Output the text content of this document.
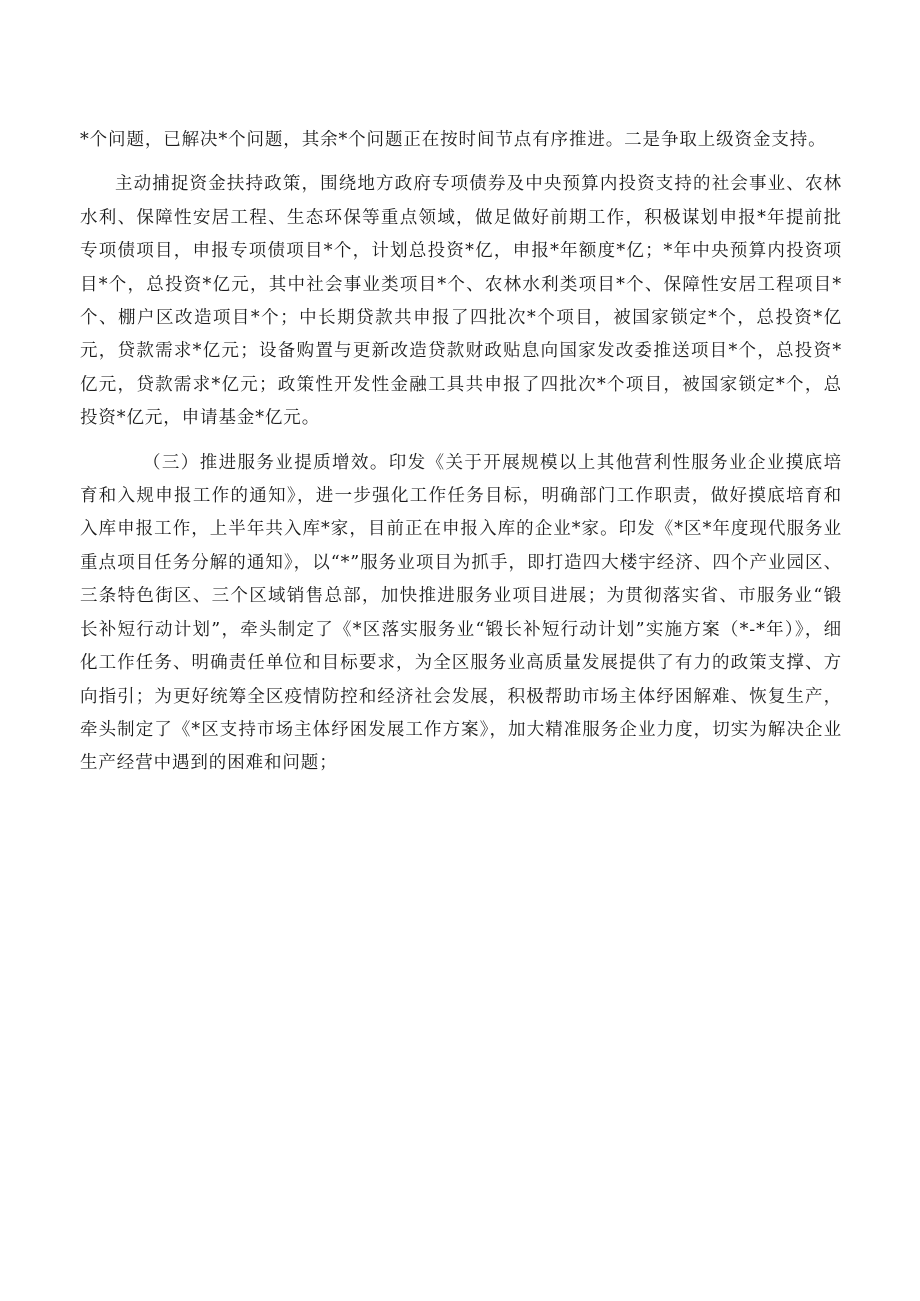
*个问题，已解决*个问题，其余*个问题正在按时间节点有序推进。二是争取上级资金支持。

主动捕捉资金扶持政策，围绕地方政府专项债券及中央预算内投资支持的社会事业、农林水利、保障性安居工程、生态环保等重点领域，做足做好前期工作，积极谋划申报*年提前批专项债项目，申报专项债项目*个，计划总投资*亿，申报*年额度*亿；*年中央预算内投资项目*个，总投资*亿元，其中社会事业类项目*个、农林水利类项目*个、保障性安居工程项目*个、棚户区改造项目*个；中长期贷款共申报了四批次*个项目，被国家锁定*个，总投资*亿元，贷款需求*亿元；设备购置与更新改造贷款财政贴息向国家发改委推送项目*个，总投资*亿元，贷款需求*亿元；政策性开发性金融工具共申报了四批次*个项目，被国家锁定*个，总投资*亿元，申请基金*亿元。

（三）推进服务业提质增效。印发《关于开展规模以上其他营利性服务业企业摸底培育和入规申报工作的通知》，进一步强化工作任务目标，明确部门工作职责，做好摸底培育和入库申报工作，上半年共入库*家，目前正在申报入库的企业*家。印发《*区*年度现代服务业重点项目任务分解的通知》，以“*”服务业项目为抓手，即打造四大楼宇经济、四个产业园区、三条特色街区、三个区域销售总部，加快推进服务业项目进展；为贯彻落实省、市服务业“锻长补短行动计划”，牵头制定了《*区落实服务业“锻长补短行动计划”实施方案（*-*年）》，细化工作任务、明确责任单位和目标要求，为全区服务业高质量发展提供了有力的政策支撑、方向指引；为更好统筹全区疫情防控和经济社会发展，积极帮助市场主体纾困解难、恢复生产，牵头制定了《*区支持市场主体纾困发展工作方案》，加大精准服务企业力度，切实为解决企业生产经营中遇到的困难和问题；
